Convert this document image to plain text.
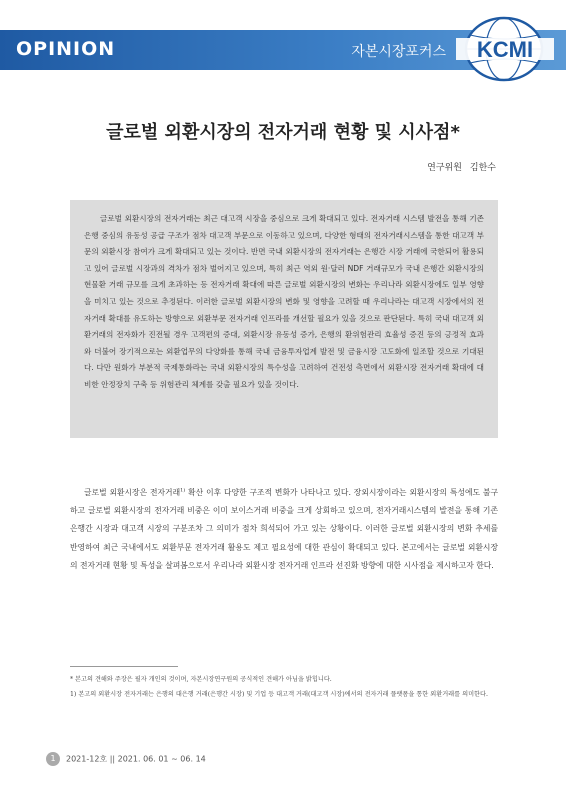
OPINION	자본시장포커스 KCMI
글로벌 외환시장의 전자거래 현황 및 시사점*
연구위원 김한수

글로벌 외환시장의 전자거래는 최근 대고객 시장을 중심으로 크게 확대되고 있다. 전자거래 시스템 발전을 통해 기존 은행 중심의 유동성 공급 구조가 점차 대고객 부문으로 이동하고 있으며, 다양한 형태의 전자거래시스템을 통한 대고객 부문의 외환시장 참여가 크게 확대되고 있는 것이다. 반면 국내 외환시장의 전자거래는 은행간 시장 거래에 국한되어 활용되고 있어 글로벌 시장과의 격차가 점차 벌어지고 있으며, 특히 최근 역외 원·달러 NDF 거래규모가 국내 은행간 외환시장의 현물환 거래 규모를 크게 초과하는 등 전자거래 확대에 따른 글로벌 외환시장의 변화는 우리나라 외환시장에도 일부 영향을 미치고 있는 것으로 추정된다. 이러한 글로벌 외환시장의 변화 및 영향을 고려할 때 우리나라는 대고객 시장에서의 전자거래 확대를 유도하는 방향으로 외환부문 전자거래 인프라를 개선할 필요가 있을 것으로 판단된다. 특히 국내 대고객 외환거래의 전자화가 진전될 경우 고객편의 증대, 외환시장 유동성 증가, 은행의 환위험관리 효율성 증진 등의 긍정적 효과와 더불어 장기적으로는 외환업무의 다양화를 통해 국내 금융투자업계 발전 및 금융시장 고도화에 일조할 것으로 기대된다. 다만 원화가 부분적 국제통화라는 국내 외환시장의 특수성을 고려하여 건전성 측면에서 외환시장 전자거래 확대에 대비한 안정장치 구축 등 위험관리 체계를 갖출 필요가 있을 것이다.

글로벌 외환시장은 전자거래$^{1)}$ 확산 이후 다양한 구조적 변화가 나타나고 있다. 장외시장이라는 외환시장의 특성에도 불구하고 글로벌 외환시장의 전자거래 비중은 이미 보이스거래 비중을 크게 상회하고 있으며, 전자거래시스템의 발전을 통해 기존 은행간 시장과 대고객 시장의 구분조차 그 의미가 점차 희석되어 가고 있는 상황이다. 이러한 글로벌 외환시장의 변화 추세를 반영하여 최근 국내에서도 외환부문 전자거래 활용도 제고 필요성에 대한 관심이 확대되고 있다. 본고에서는 글로벌 외환시장의 전자거래 현황 및 특성을 살펴봄으로서 우리나라 외환시장 전자거래 인프라 선진화 방향에 대한 시사점을 제시하고자 한다.

* 본고의 견해와 주장은 필자 개인의 것이며, 자본시장연구원의 공식적인 견해가 아님을 밝힙니다.

1) 본고의 외환시장 전자거래는 은행의 대은행 거래(은행간 시장) 및 기업 등 대고객 거래(대고객 시장)에서의 전자거래 플랫폼을 통한 외환거래를 의미한다.

1 2021-12호 || 2021. 06. 01 ~ 06. 14
